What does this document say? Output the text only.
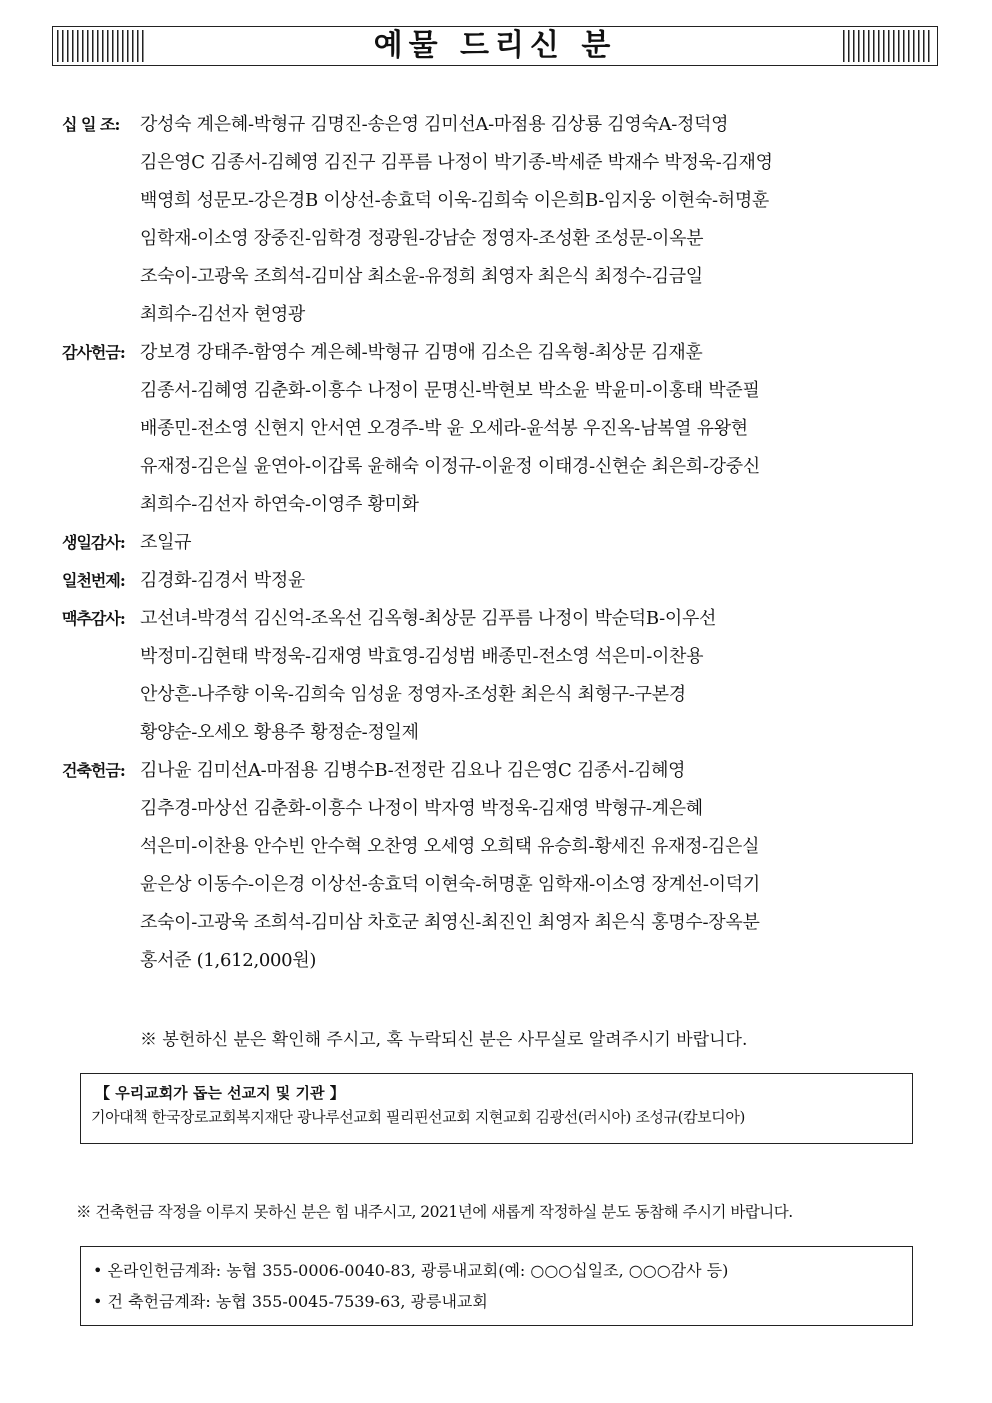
예물 드리신 분
십 일 조:	강성숙 계은혜-박형규 김명진-송은영 김미선A-마점용 김상룡 김영숙A-정덕영
김은영C 김종서-김혜영 김진구 김푸름 나정이 박기종-박세준 박재수 박정욱-김재영
백영희 성문모-강은경B 이상선-송효덕 이욱-김희숙 이은희B-임지웅 이현숙-허명훈
임학재-이소영 장중진-임학경 정광원-강남순 정영자-조성환 조성문-이옥분
조숙이-고광욱 조희석-김미삼 최소윤-유정희 최영자 최은식 최정수-김금일
최희수-김선자 현영광
감사헌금: 강보경 강태주-함영수 계은혜-박형규 김명애 김소은 김옥형-최상문 김재훈
김종서-김혜영 김춘화-이흥수 나정이 문명신-박현보 박소윤 박윤미-이홍태 박준필
배종민-전소영 신현지 안서연 오경주-박 윤 오세라-윤석봉 우진옥-남복열 유왕현
유재정-김은실 윤연아-이갑록 윤해숙 이정규-이윤정 이태경-신현순 최은희-강중신
최희수-김선자 하연숙-이영주 황미화
생일감사: 조일규
일천번제: 김경화-김경서 박정윤
맥추감사: 고선녀-박경석 김신억-조옥선 김옥형-최상문 김푸름 나정이 박순덕B-이우선
박정미-김현태 박정욱-김재영 박효영-김성범 배종민-전소영 석은미-이찬용
안상흔-나주향 이욱-김희숙 임성윤 정영자-조성환 최은식 최형구-구본경
황양순-오세오 황용주 황정순-정일제
건축헌금: 김나윤 김미선A-마점용 김병수B-전정란 김요나 김은영C 김종서-김혜영
김추경-마상선 김춘화-이흥수 나정이 박자영 박정욱-김재영 박형규-계은혜
석은미-이찬용 안수빈 안수혁 오찬영 오세영 오희택 유승희-황세진 유재정-김은실
윤은상 이동수-이은경 이상선-송효덕 이현숙-허명훈 임학재-이소영 장계선-이덕기
조숙이-고광욱 조희석-김미삼 차호군 최영신-최진인 최영자 최은식 홍명수-장옥분
홍서준 (1,612,000원)
※ 봉헌하신 분은 확인해 주시고, 혹 누락되신 분은 사무실로 알려주시기 바랍니다.
【 우리교회가 돕는 선교지 및 기관 】
기아대책 한국장로교회복지재단 광나루선교회 필리핀선교회 지현교회 김광선(러시아) 조성규(캄보디아)
※ 건축헌금 작정을 이루지 못하신 분은 힘 내주시고, 2021년에 새롭게 작정하실 분도 동참해 주시기 바랍니다.
• 온라인헌금계좌: 농협 355-0006-0040-83, 광릉내교회(예: ○○○십일조, ○○○감사 등)
• 건 축헌금계좌: 농협 355-0045-7539-63, 광릉내교회
